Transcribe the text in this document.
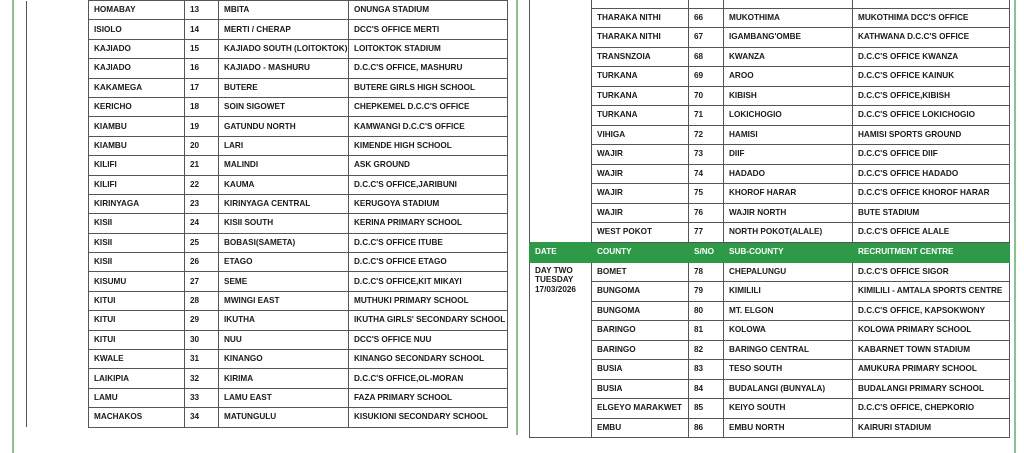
	HOMABAY	13	MBITA	ONUNGA STADIUM
	ISIOLO	14	MERTI / CHERAP	DCC'S OFFICE MERTI
	KAJIADO	15	KAJIADO SOUTH (LOITOKTOK)	LOITOKTOK STADIUM
	KAJIADO	16	KAJIADO - MASHURU	D.C.C'S OFFICE, MASHURU
	KAKAMEGA	17	BUTERE	BUTERE GIRLS HIGH SCHOOL
	KERICHO	18	SOIN SIGOWET	CHEPKEMEL D.C.C'S OFFICE
	KIAMBU	19	GATUNDU NORTH	KAMWANGI D.C.C'S OFFICE
	KIAMBU	20	LARI	KIMENDE HIGH SCHOOL
	KILIFI	21	MALINDI	ASK GROUND
	KILIFI	22	KAUMA	D.C.C'S OFFICE,JARIBUNI
	KIRINYAGA	23	KIRINYAGA CENTRAL	KERUGOYA STADIUM
	KISII	24	KISII SOUTH	KERINA PRIMARY SCHOOL
	KISII	25	BOBASI(SAMETA)	D.C.C'S OFFICE ITUBE
	KISII	26	ETAGO	D.C.C'S OFFICE ETAGO
	KISUMU	27	SEME	D.C.C'S OFFICE,KIT MIKAYI
	KITUI	28	MWINGI EAST	MUTHUKI PRIMARY SCHOOL
	KITUI	29	IKUTHA	IKUTHA GIRLS' SECONDARY SCHOOL
	KITUI	30	NUU	DCC'S OFFICE NUU
	KWALE	31	KINANGO	KINANGO SECONDARY SCHOOL
	LAIKIPIA	32	KIRIMA	D.C.C'S OFFICE,OL-MORAN
	LAMU	33	LAMU EAST	FAZA PRIMARY SCHOOL
	MACHAKOS	34	MATUNGULU	KISUKIONI SECONDARY SCHOOL

	THARAKA NITHI	66	MUKOTHIMA	MUKOTHIMA DCC'S OFFICE
	THARAKA NITHI	67	IGAMBANG'OMBE	KATHWANA D.C.C'S OFFICE
	TRANSNZOIA	68	KWANZA	D.C.C'S OFFICE KWANZA
	TURKANA	69	AROO	D.C.C'S OFFICE KAINUK
	TURKANA	70	KIBISH	D.C.C'S OFFICE,KIBISH
	TURKANA	71	LOKICHOGIO	D.C.C'S OFFICE LOKICHOGIO
	VIHIGA	72	HAMISI	HAMISI SPORTS GROUND
	WAJIR	73	DIIF	D.C.C'S OFFICE DIIF
	WAJIR	74	HADADO	D.C.C'S OFFICE HADADO
	WAJIR	75	KHOROF HARAR	D.C.C'S OFFICE KHOROF HARAR
	WAJIR	76	WAJIR NORTH	BUTE STADIUM
	WEST POKOT	77	NORTH POKOT(ALALE)	D.C.C'S OFFICE ALALE
DATE	COUNTY	S/NO	SUB-COUNTY	RECRUITMENT CENTRE
DAY TWO TUESDAY 17/03/2026	BOMET	78	CHEPALUNGU	D.C.C'S OFFICE SIGOR
	BUNGOMA	79	KIMILILI	KIMILILI - AMTALA SPORTS CENTRE
	BUNGOMA	80	MT. ELGON	D.C.C'S OFFICE, KAPSOKWONY
	BARINGO	81	KOLOWA	KOLOWA PRIMARY SCHOOL
	BARINGO	82	BARINGO CENTRAL	KABARNET TOWN STADIUM
	BUSIA	83	TESO SOUTH	AMUKURA PRIMARY SCHOOL
	BUSIA	84	BUDALANGI (BUNYALA)	BUDALANGI PRIMARY SCHOOL
	ELGEYO MARAKWET	85	KEIYO SOUTH	D.C.C'S OFFICE, CHEPKORIO
	EMBU	86	EMBU NORTH	KAIRURI STADIUM
